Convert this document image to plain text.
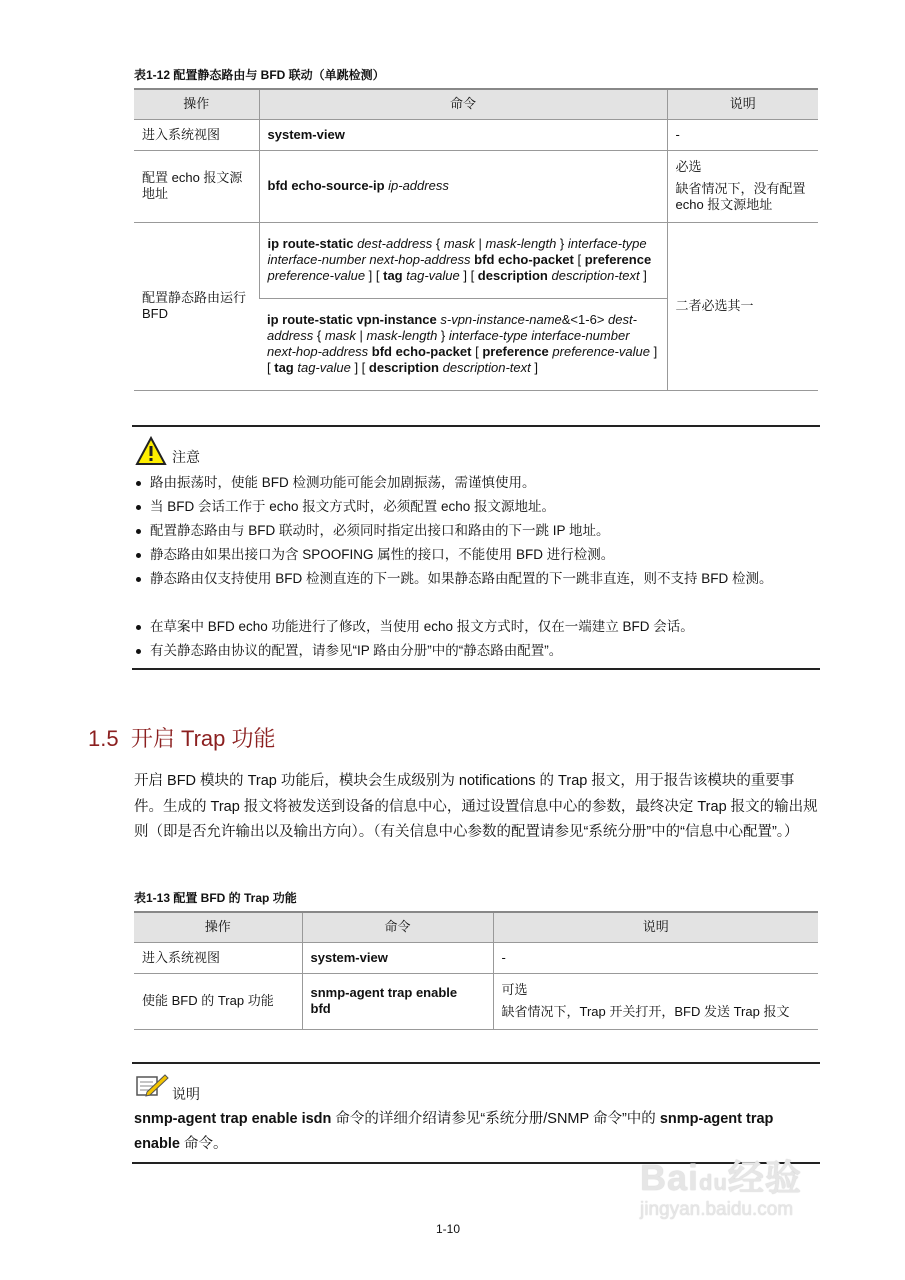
表1-12 配置静态路由与 BFD 联动（单跳检测）
操作	命令	说明
进入系统视图	system-view	-
配置 echo 报文源地址	bfd echo-source-ip ip-address	必选
缺省情况下，没有配置 echo 报文源地址

配置静态路由运行 BFD	ip route-static dest-address { mask | mask-length } interface-type interface-number next-hop-address bfd echo-packet [ preference preference-value ] [ tag tag-value ] [ description description-text ]	二者必选其一
	ip route-static vpn-instance s-vpn-instance-name&<1-6> dest-address { mask | mask-length } interface-type interface-number next-hop-address bfd echo-packet [ preference preference-value ] [ tag tag-value ] [ description description-text ]	
注意
路由振荡时，使能 BFD 检测功能可能会加剧振荡，需谨慎使用。
当 BFD 会话工作于 echo 报文方式时，必须配置 echo 报文源地址。
配置静态路由与 BFD 联动时，必须同时指定出接口和路由的下一跳 IP 地址。
静态路由如果出接口为含 SPOOFING 属性的接口，不能使用 BFD 进行检测。
静态路由仅支持使用 BFD 检测直连的下一跳。如果静态路由配置的下一跳非直连，则不支持 BFD 检测。
在草案中 BFD echo 功能进行了修改，当使用 echo 报文方式时，仅在一端建立 BFD 会话。
有关静态路由协议的配置，请参见“IP 路由分册”中的“静态路由配置”。
1.5 开启 Trap 功能
开启 BFD 模块的 Trap 功能后，模块会生成级别为 notifications 的 Trap 报文，用于报告该模块的重要事件。生成的 Trap 报文将被发送到设备的信息中心，通过设置信息中心的参数，最终决定 Trap 报文的输出规则（即是否允许输出以及输出方向）。（有关信息中心参数的配置请参见“系统分册”中的“信息中心配置”。）
表1-13 配置 BFD 的 Trap 功能
操作	命令	说明
进入系统视图	system-view	-
使能 BFD 的 Trap 功能	snmp-agent trap enable bfd	可选
缺省情况下，Trap 开关打开，BFD 发送 Trap 报文
说明
snmp-agent trap enable isdn 命令的详细介绍请参见“系统分册/SNMP 命令”中的 snmp-agent trap enable 命令。
1-10
Baidu经验
jingyan.baidu.com
